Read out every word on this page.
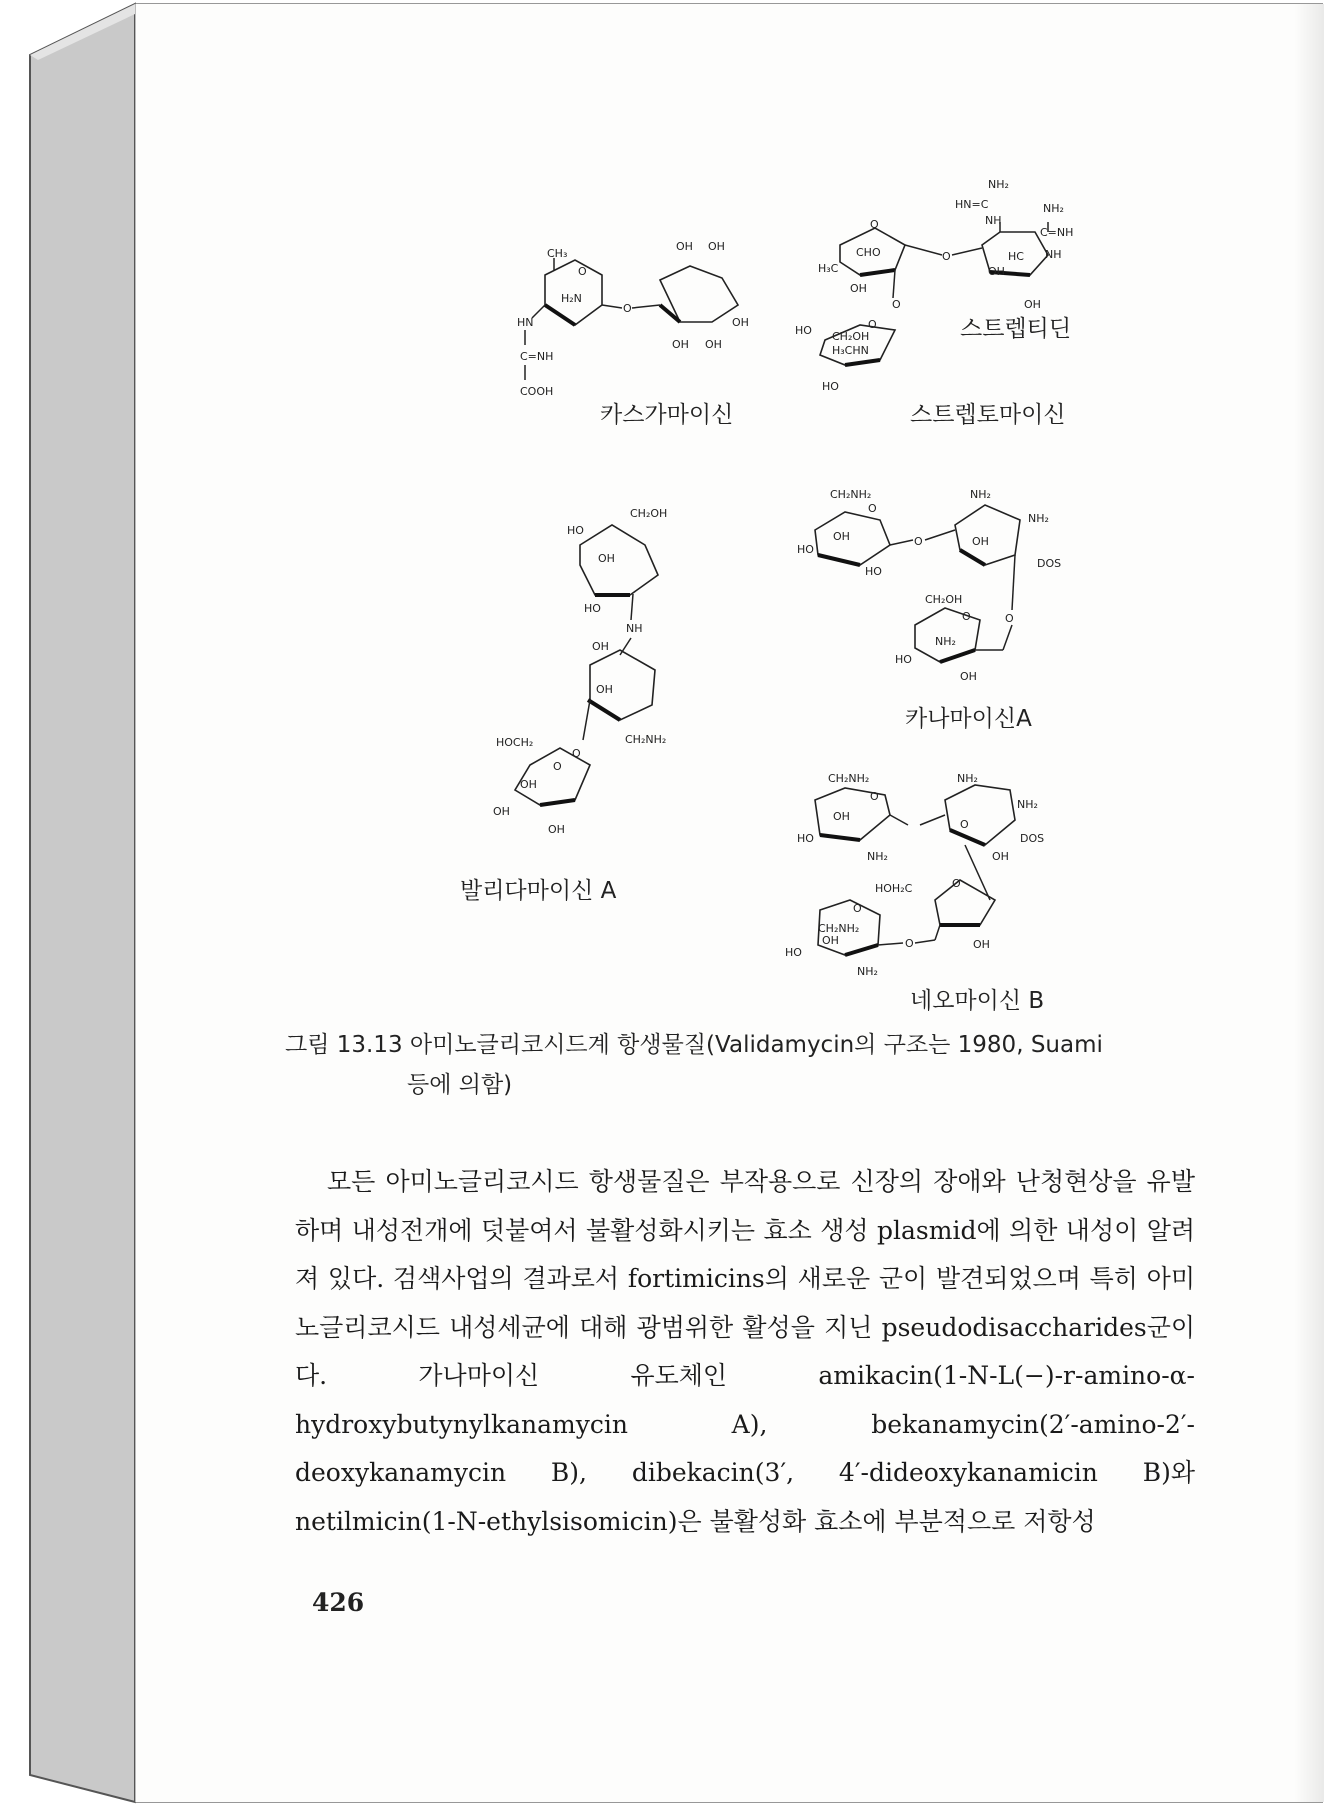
CH₃
O
H₂N
O
OH OH
OH
OH OH
HN
C=NH
COOH
NH₂
HN=C
NH
NH₂
C=NH
NH
HC
OH
OH
O
CHO
H₃C
OH
O
O
HO CH₂OH
H₃CHN
HO
O
CH₂OH
HO
OH
HO
NH
OH
OH
CH₂NH₂
HOCH₂
O
O
OH
OH
OH
CH₂NH₂
O
NH₂
NH₂
OH
HO
O	OH
DOS
HO
CH₂OH
O	O
NH₂
HO
OH
CH₂NH₂
O
NH₂
NH₂
OH
O
DOS
HO
NH₂	OH
HOH₂C	O
O
CH₂NH₂
OH	O	OH
HO
NH₂
카스가마이신
스트렙티딘
스트렙토마이신
발리다마이신 A
카나마이신A
네오마이신 B
그림 13.13 아미노글리코시드계 항생물질(Validamycin의 구조는 1980, Suami
등에 의함)

모든 아미노글리코시드 항생물질은 부작용으로 신장의 장애와 난청현상을 유발하며 내성전개에 덧붙여서 불활성화시키는 효소 생성 plasmid에 의한 내성이 알려져 있다. 검색사업의 결과로서 fortimicins의 새로운 군이 발견되었으며 특히 아미노글리코시드 내성세균에 대해 광범위한 활성을 지닌 pseudodisaccharides군이다. 가나마이신 유도체인 amikacin(1-N-L(−)-r-amino-α-hydroxybutynylkanamycin A), bekanamycin(2′-amino-2′-deoxykanamycin B), dibekacin(3′, 4′-dideoxykanamicin B)와 netilmicin(1-N-ethylsisomicin)은 불활성화 효소에 부분적으로 저항성

426
